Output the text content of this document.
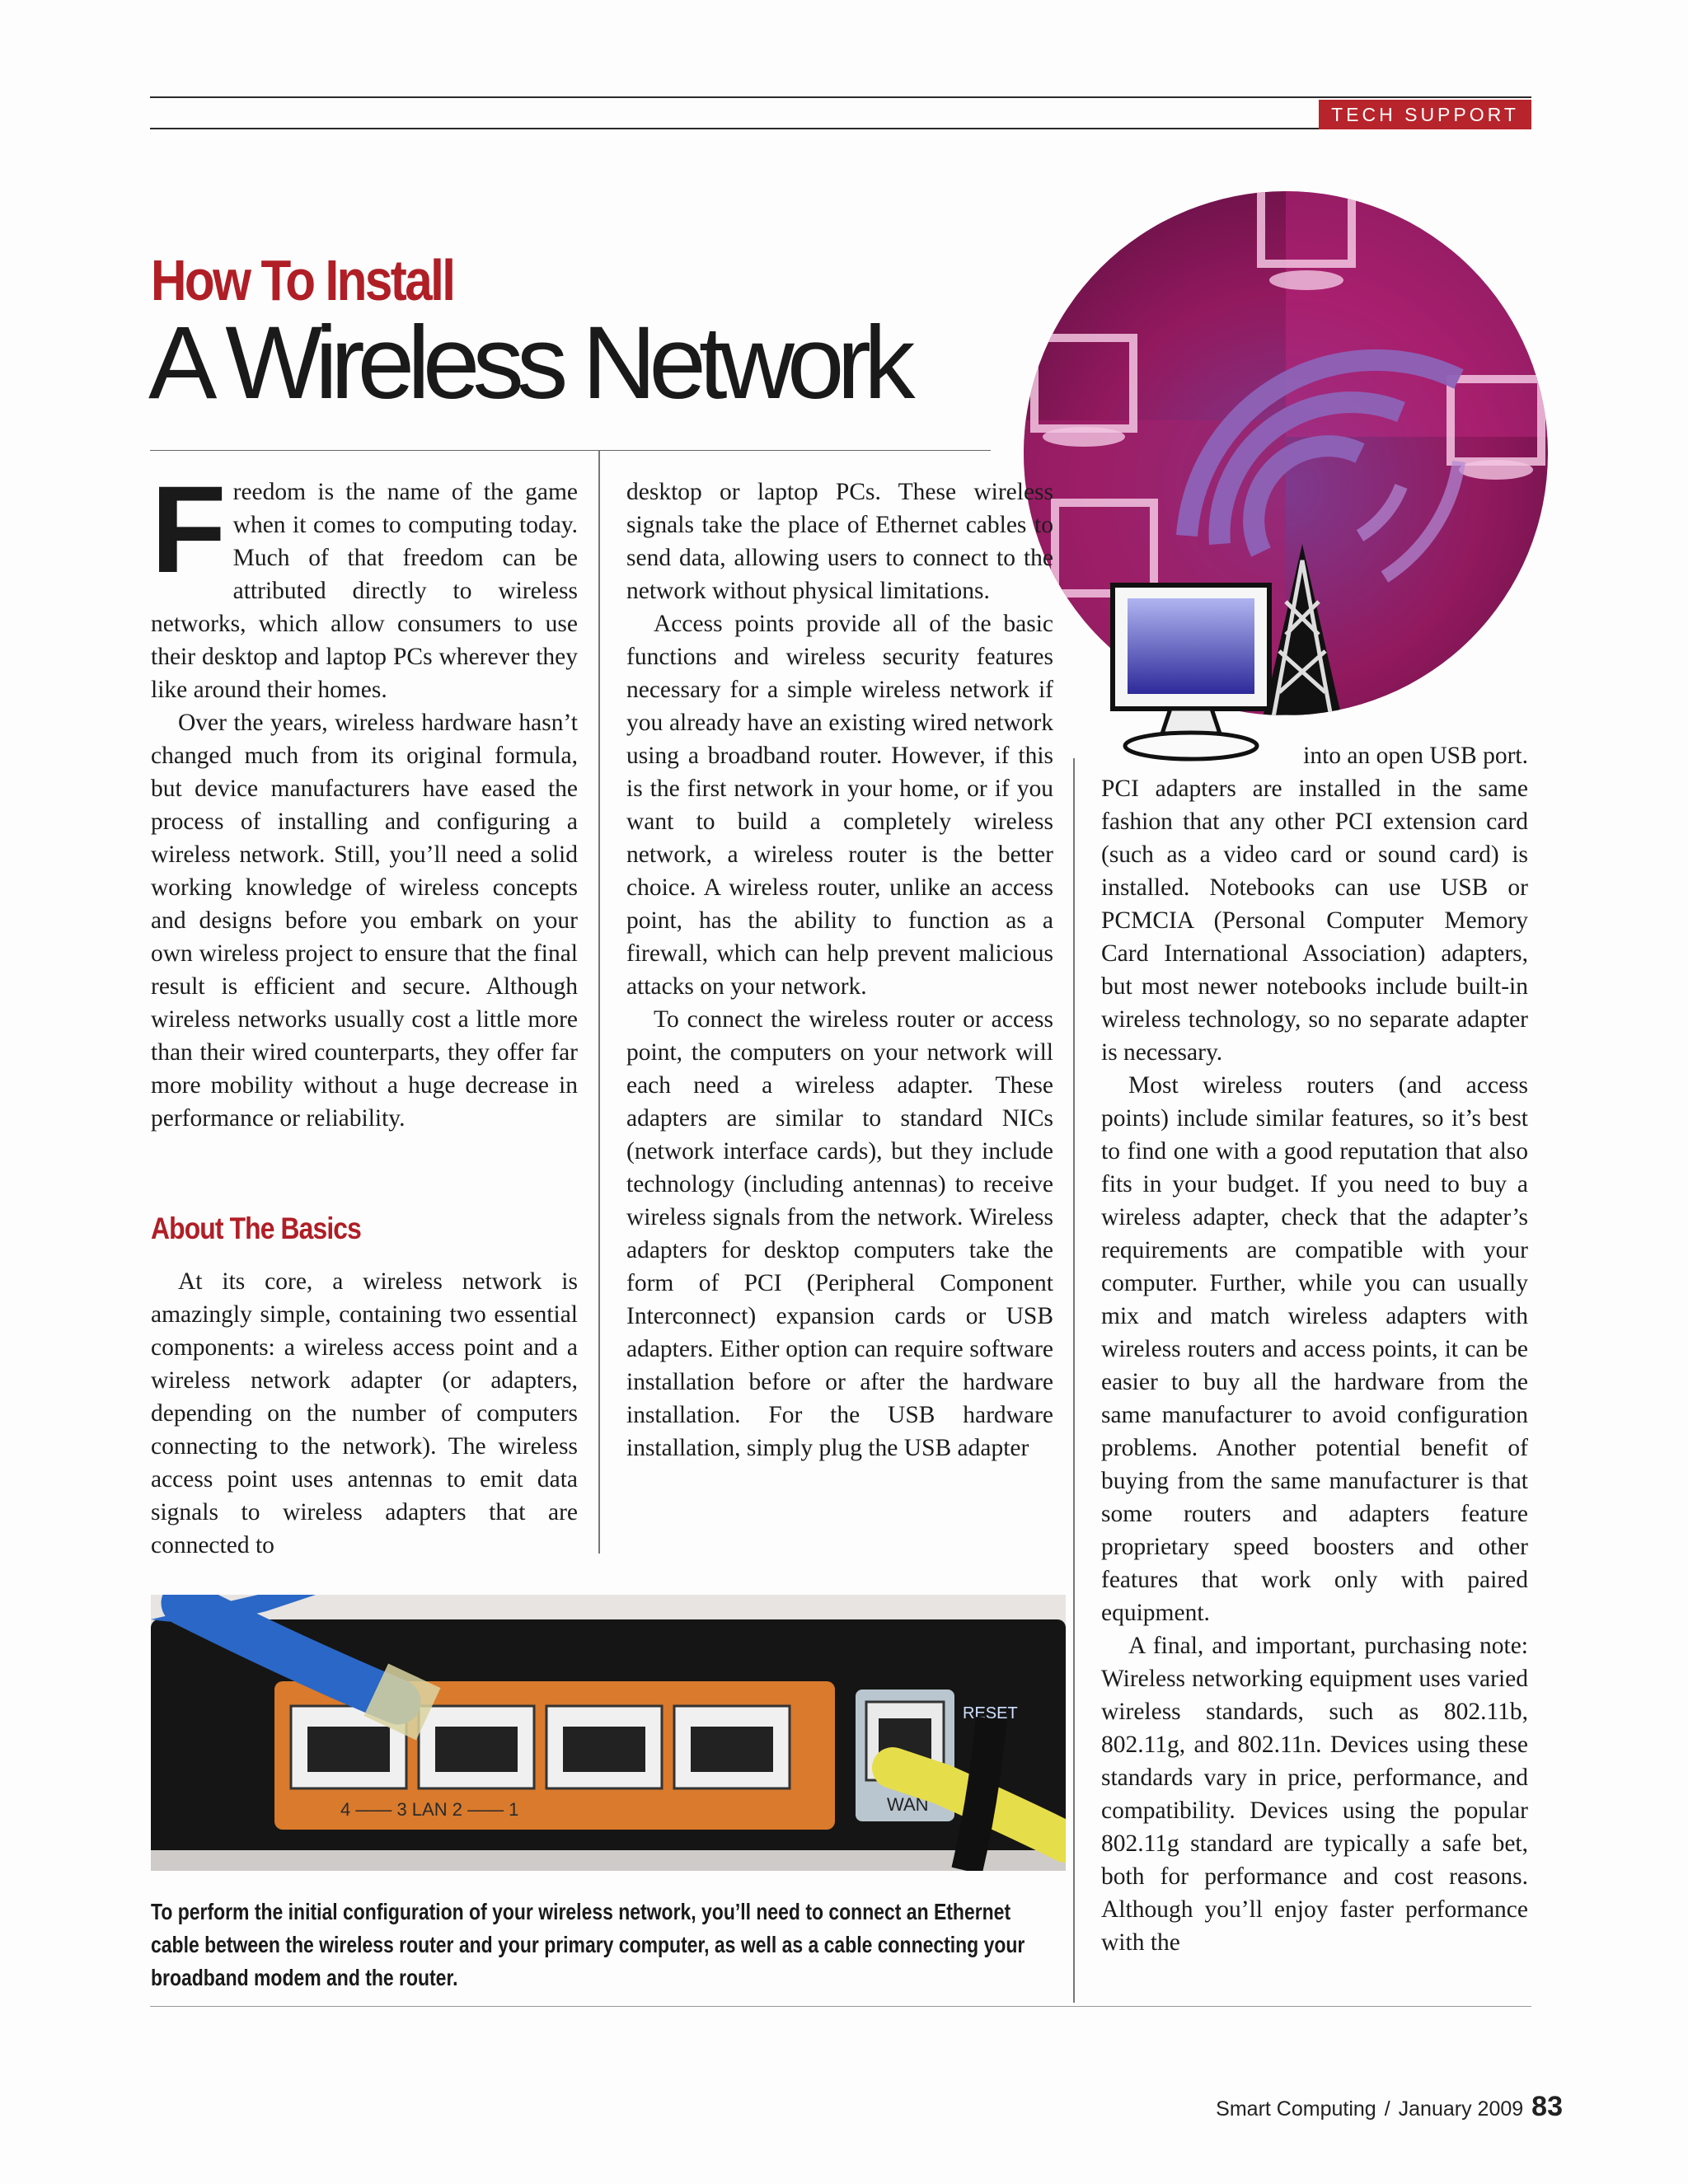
TECH SUPPORT
How To Install
A Wireless Network

Freedom is the name of the game when it comes to computing today. Much of that freedom can be attributed directly to wireless networks, which allow consumers to use their desktop and laptop PCs wherever they like around their homes.

Over the years, wireless hardware hasn’t changed much from its original formula, but device manufacturers have eased the process of installing and configuring a wireless network. Still, you’ll need a solid working knowledge of wireless concepts and designs before you embark on your own wireless project to ensure that the final result is efficient and secure. Although wireless networks usually cost a little more than their wired counterparts, they offer far more mobility without a huge decrease in performance or reliability.

About The Basics

At its core, a wireless network is amazingly simple, containing two essential components: a wireless access point and a wireless network adapter (or adapters, depending on the number of computers connecting to the network). The wireless access point uses antennas to emit data signals to wireless adapters that are connected to

desktop or laptop PCs. These wireless signals take the place of Ethernet cables to send data, allowing users to connect to the network without physical limitations.

Access points provide all of the basic functions and wireless security features necessary for a simple wireless network if you already have an existing wired network using a broadband router. However, if this is the first network in your home, or if you want to build a completely wireless network, a wireless router is the better choice. A wireless router, unlike an access point, has the ability to function as a firewall, which can help prevent malicious attacks on your network.

To connect the wireless router or access point, the computers on your network will each need a wireless adapter. These adapters are similar to standard NICs (network interface cards), but they include technology (including antennas) to receive wireless signals from the network. Wireless adapters for desktop computers take the form of PCI (Peripheral Component Interconnect) expansion cards or USB adapters. Either option can require software installation before or after the hardware installation. For the USB hardware installation, simply plug the USB adapter

into an open USB port.

PCI adapters are installed in the same fashion that any other PCI extension card (such as a video card or sound card) is installed. Notebooks can use USB or PCMCIA (Personal Computer Memory Card International Association) adapters, but most newer notebooks include built-in wireless technology, so no separate adapter is necessary.

Most wireless routers (and access points) include similar features, so it’s best to find one with a good reputation that also fits in your budget. If you need to buy a wireless adapter, check that the adapter’s requirements are compatible with your computer. Further, while you can usually mix and match wireless adapters with wireless routers and access points, it can be easier to buy all the hardware from the same manufacturer to avoid configuration problems. Another potential benefit of buying from the same manufacturer is that some routers and adapters feature proprietary speed boosters and other features that work only with paired equipment.

A final, and important, purchasing note: Wireless networking equipment uses varied wireless standards, such as 802.11b, 802.11g, and 802.11n. Devices using these standards vary in price, performance, and compatibility. Devices using the popular 802.11g standard are typically a safe bet, both for performance and cost reasons. Although you’ll enjoy faster performance with the

4 —— 3 LAN 2 —— 1	WAN
RESET
5V
To perform the initial configuration of your wireless network, you’ll need to connect an Ethernet cable between the wireless router and your primary computer, as well as a cable connecting your broadband modem and the router.
Smart Computing / January 2009 83
